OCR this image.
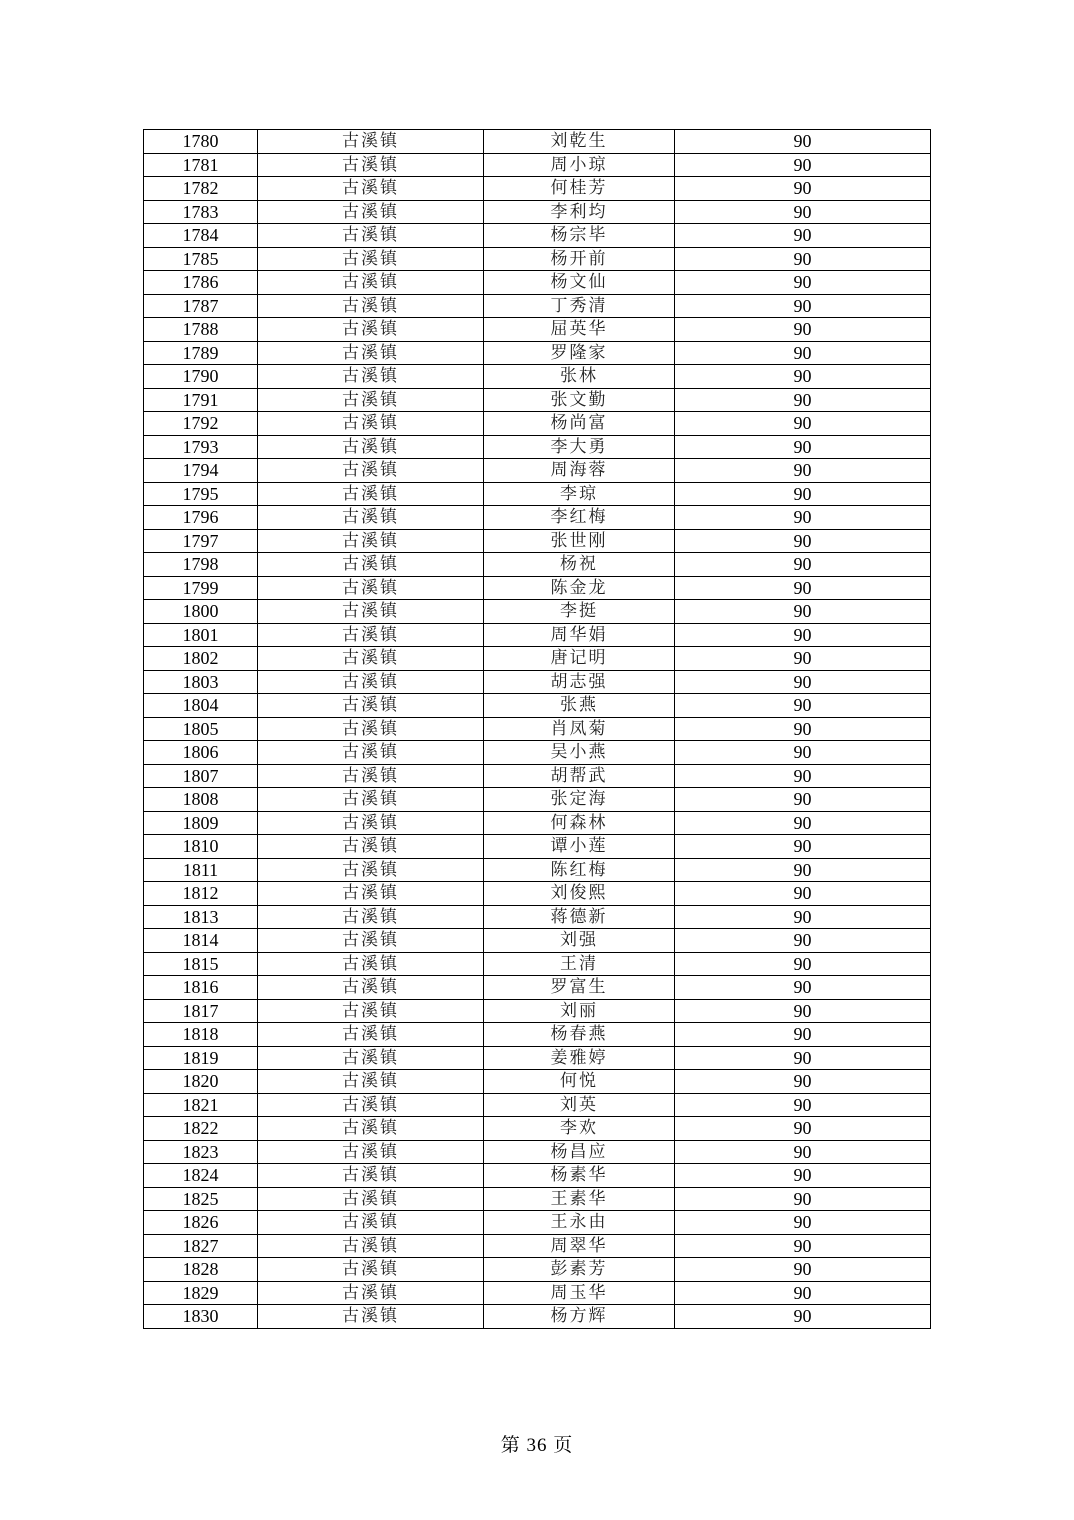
1780	古溪镇	刘乾生	90
1781	古溪镇	周小琼	90
1782	古溪镇	何桂芳	90
1783	古溪镇	李利均	90
1784	古溪镇	杨宗毕	90
1785	古溪镇	杨开前	90
1786	古溪镇	杨文仙	90
1787	古溪镇	丁秀清	90
1788	古溪镇	屈英华	90
1789	古溪镇	罗隆家	90
1790	古溪镇	张林	90
1791	古溪镇	张文勤	90
1792	古溪镇	杨尚富	90
1793	古溪镇	李大勇	90
1794	古溪镇	周海蓉	90
1795	古溪镇	李琼	90
1796	古溪镇	李红梅	90
1797	古溪镇	张世刚	90
1798	古溪镇	杨祝	90
1799	古溪镇	陈金龙	90
1800	古溪镇	李挺	90
1801	古溪镇	周华娟	90
1802	古溪镇	唐记明	90
1803	古溪镇	胡志强	90
1804	古溪镇	张燕	90
1805	古溪镇	肖凤菊	90
1806	古溪镇	吴小燕	90
1807	古溪镇	胡帮武	90
1808	古溪镇	张定海	90
1809	古溪镇	何森林	90
1810	古溪镇	谭小莲	90
1811	古溪镇	陈红梅	90
1812	古溪镇	刘俊熙	90
1813	古溪镇	蒋德新	90
1814	古溪镇	刘强	90
1815	古溪镇	王清	90
1816	古溪镇	罗富生	90
1817	古溪镇	刘丽	90
1818	古溪镇	杨春燕	90
1819	古溪镇	姜雅婷	90
1820	古溪镇	何悦	90
1821	古溪镇	刘英	90
1822	古溪镇	李欢	90
1823	古溪镇	杨昌应	90
1824	古溪镇	杨素华	90
1825	古溪镇	王素华	90
1826	古溪镇	王永由	90
1827	古溪镇	周翠华	90
1828	古溪镇	彭素芳	90
1829	古溪镇	周玉华	90
1830	古溪镇	杨方辉	90
第 36 页
